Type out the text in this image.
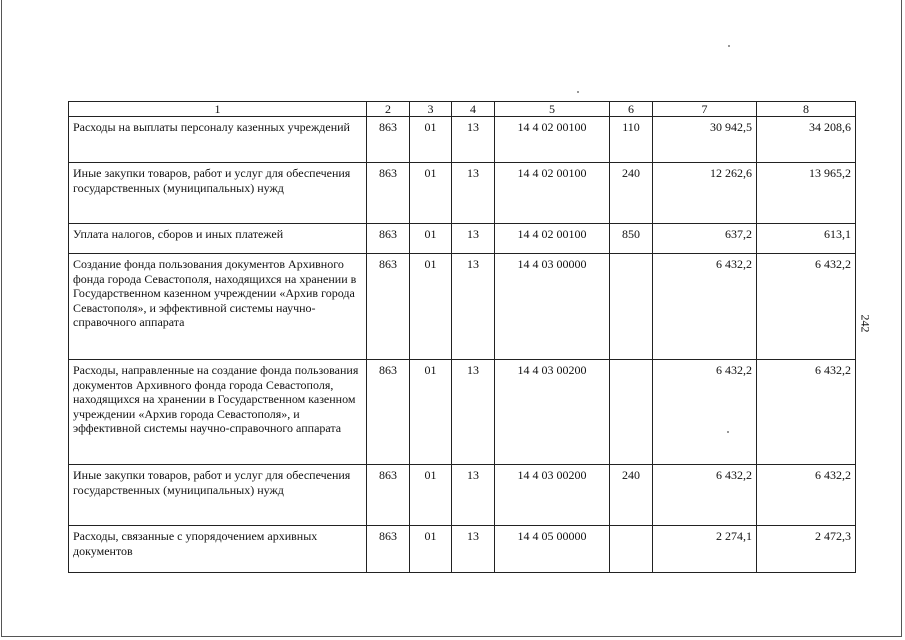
242
1	2	3	4	5	6	7	8
Расходы на выплаты персоналу казенных учреждений	863	01	13	14 4 02 00100	110	30 942,5	34 208,6
Иные закупки товаров, работ и услуг для обеспечения государственных (муниципальных) нужд	863	01	13	14 4 02 00100	240	12 262,6	13 965,2
Уплата налогов, сборов и иных платежей	863	01	13	14 4 02 00100	850	637,2	613,1
Создание фонда пользования документов Архивного фонда города Севастополя, находящихся на хранении в Государственном казенном учреждении «Архив города Севастополя», и эффективной системы научно-справочного аппарата	863	01	13	14 4 03 00000		6 432,2	6 432,2
Расходы, направленные на создание фонда пользования документов Архивного фонда города Севастополя, находящихся на хранении в Государственном казенном учреждении «Архив города Севастополя», и эффективной системы научно-справочного аппарата	863	01	13	14 4 03 00200		6 432,2	6 432,2
Иные закупки товаров, работ и услуг для обеспечения государственных (муниципальных) нужд	863	01	13	14 4 03 00200	240	6 432,2	6 432,2
Расходы, связанные с упорядочением архивных документов	863	01	13	14 4 05 00000		2 274,1	2 472,3
